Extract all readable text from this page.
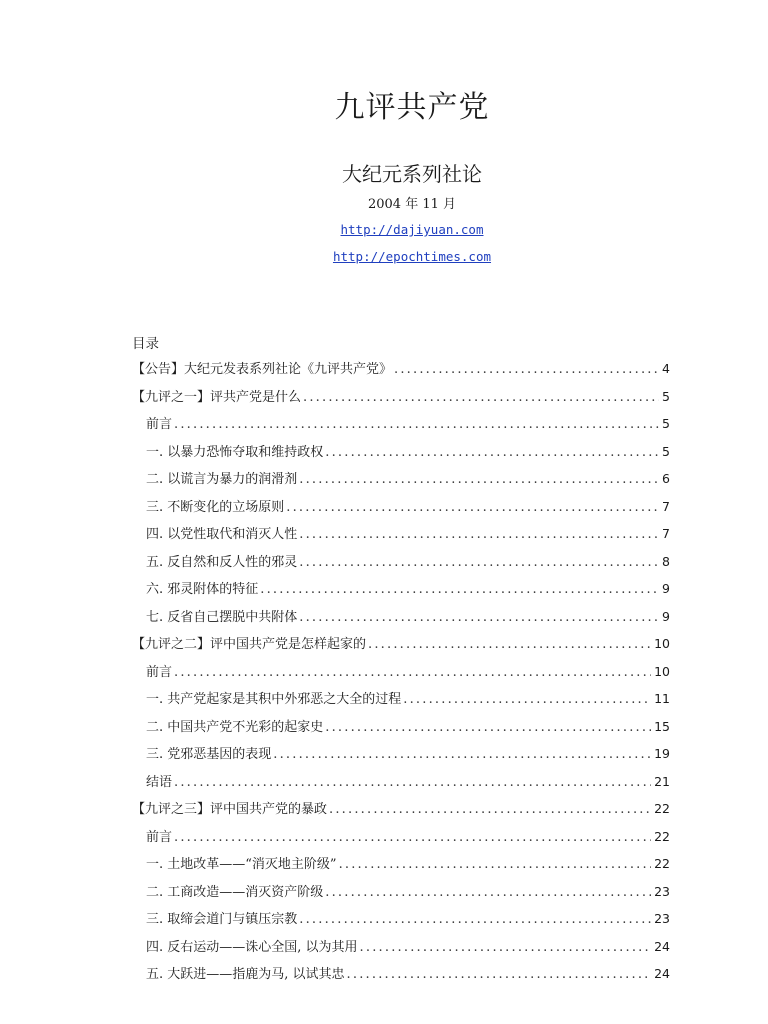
九评共产党
大纪元系列社论
2004 年 11 月
http://dajiyuan.com
http://epochtimes.com
目录
【公告】大纪元发表系列社论《九评共产党》 .....	4
【九评之一】评共产党是什么 .....	5
前言 .....	5
一. 以暴力恐怖夺取和维持政权 .....	5
二. 以谎言为暴力的润滑剂 .....	6
三. 不断变化的立场原则 .....	7
四. 以党性取代和消灭人性 .....	7
五. 反自然和反人性的邪灵 .....	8
六. 邪灵附体的特征 .....	9
七. 反省自己摆脱中共附体 .....	9
【九评之二】评中国共产党是怎样起家的 .....	10
前言 .....	10
一. 共产党起家是其积中外邪恶之大全的过程 .....	11
二. 中国共产党不光彩的起家史 .....	15
三. 党邪恶基因的表现 .....	19
结语 .....	21
【九评之三】评中国共产党的暴政 .....	22
前言 .....	22
一. 土地改革——“消灭地主阶级” .....	22
二. 工商改造——消灭资产阶级 .....	23
三. 取缔会道门与镇压宗教 .....	23
四. 反右运动——诛心全国, 以为其用 .....	24
五. 大跃进——指鹿为马, 以试其忠 .....	24
